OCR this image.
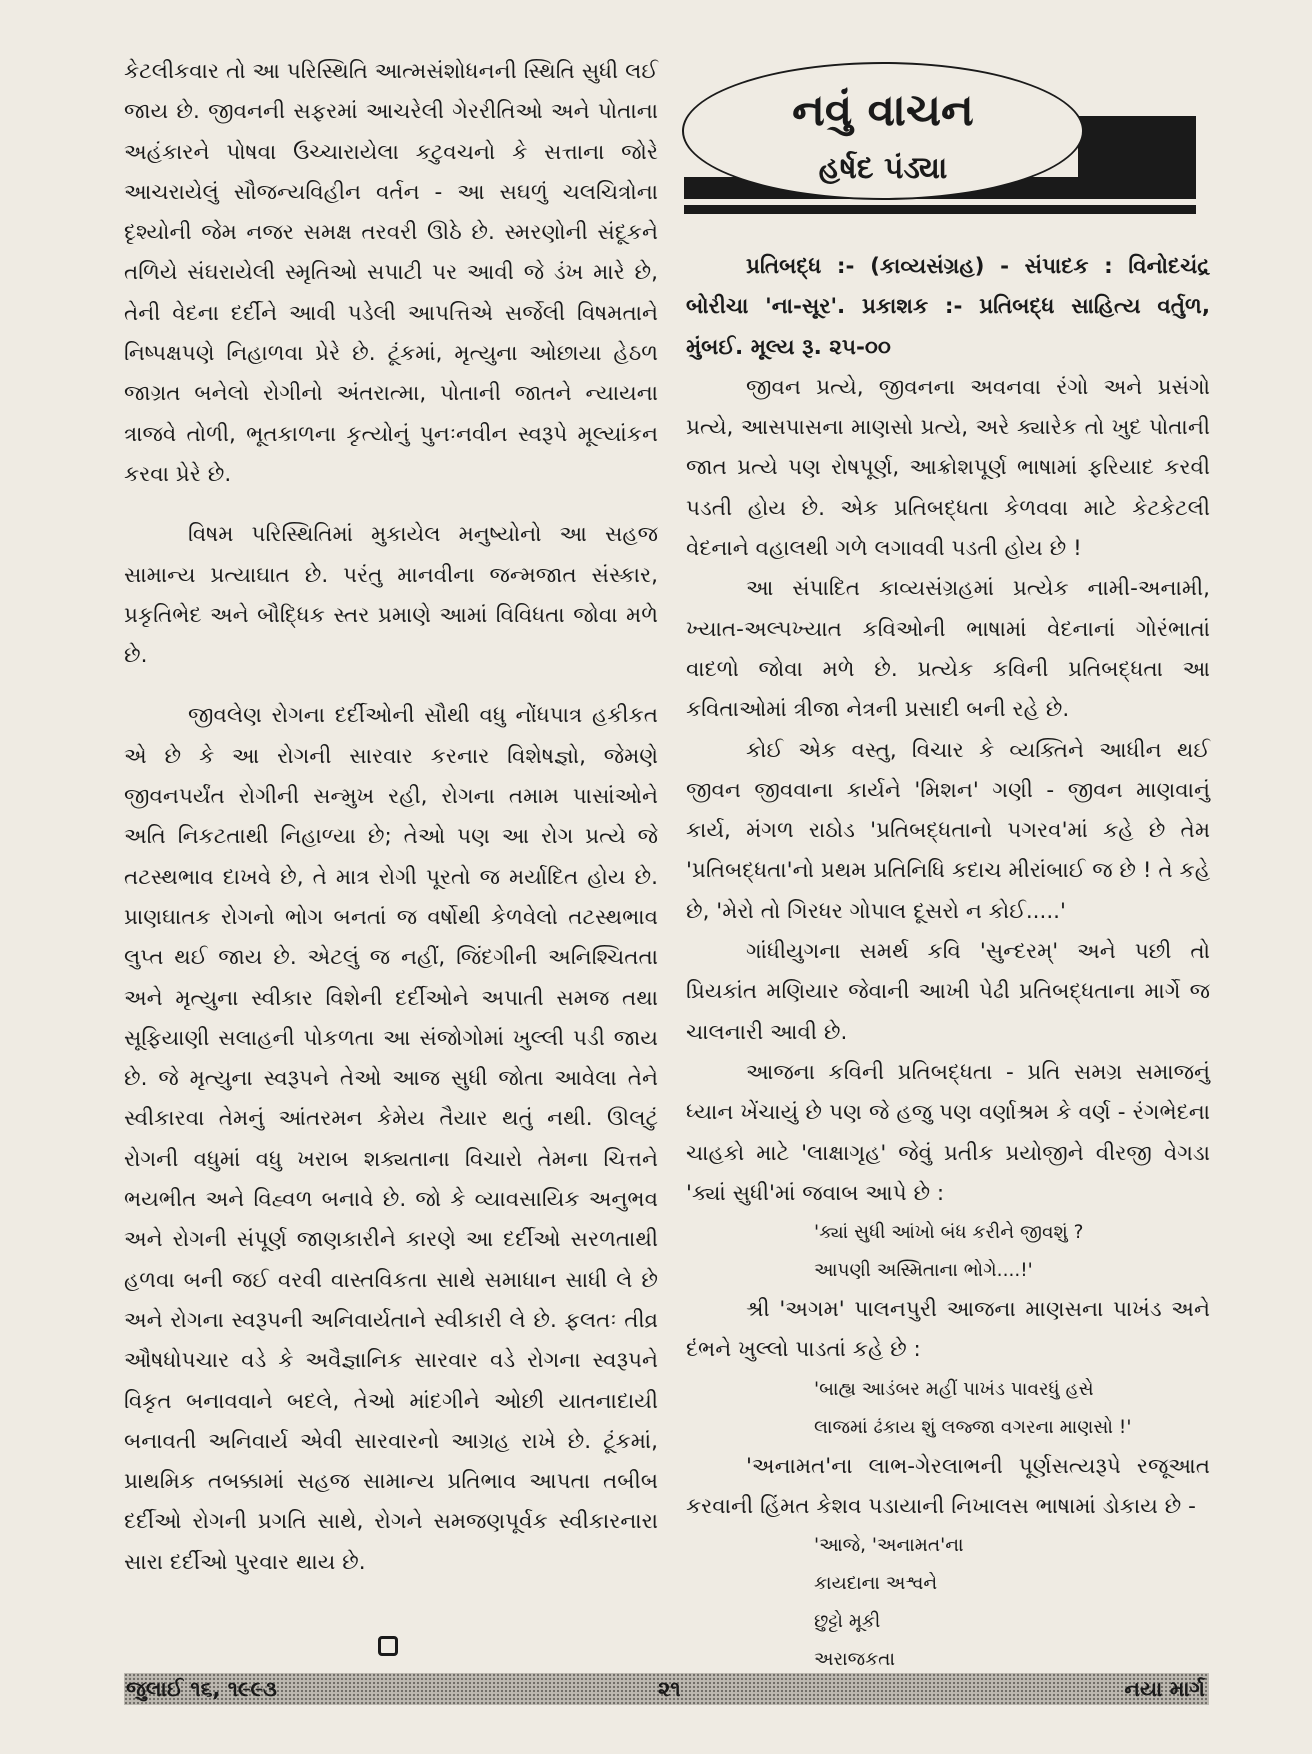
કેટલીકવાર તો આ પરિસ્થિતિ આત્મસંશોધનની સ્થિતિ સુધી લઈ જાય છે. જીવનની સફરમાં આચરેલી ગેરરીતિઓ અને પોતાના અહંકારને પોષવા ઉચ્ચારાયેલા કટુવચનો કે સત્તાના જોરે આચરાયેલું સૌજન્યવિહીન વર્તન - આ સઘળું ચલચિત્રોના દૃશ્યોની જેમ નજર સમક્ષ તરવરી ઊઠે છે. સ્મરણોની સંદૂકને તળિયે સંઘરાયેલી સ્મૃતિઓ સપાટી પર આવી જે ડંખ મારે છે, તેની વેદના દર્દીને આવી પડેલી આપત્તિએ સર્જેલી વિષમતાને નિષ્પક્ષપણે નિહાળવા પ્રેરે છે. ટૂંકમાં, મૃત્યુના ઓછાયા હેઠળ જાગ્રત બનેલો રોગીનો અંતરાત્મા, પોતાની જાતને ન્યાયના ત્રાજવે તોળી, ભૂતકાળના કૃત્યોનું પુનઃનવીન સ્વરૂપે મૂલ્યાંકન કરવા પ્રેરે છે.

વિષમ પરિસ્થિતિમાં મુકાયેલ મનુષ્યોનો આ સહજ સામાન્ય પ્રત્યાઘાત છે. પરંતુ માનવીના જન્મજાત સંસ્કાર, પ્રકૃતિભેદ અને બૌદ્ધિક સ્તર પ્રમાણે આમાં વિવિધતા જોવા મળે છે.

જીવલેણ રોગના દર્દીઓની સૌથી વધુ નોંધપાત્ર હકીકત એ છે કે આ રોગની સારવાર કરનાર વિશેષજ્ઞો, જેમણે જીવનપર્યંત રોગીની સન્મુખ રહી, રોગના તમામ પાસાંઓને અતિ નિકટતાથી નિહાળ્યા છે; તેઓ પણ આ રોગ પ્રત્યે જે તટસ્થભાવ દાખવે છે, તે માત્ર રોગી પૂરતો જ મર્યાદિત હોય છે. પ્રાણઘાતક રોગનો ભોગ બનતાં જ વર્ષોથી કેળવેલો તટસ્થભાવ લુપ્ત થઈ જાય છે. એટલું જ નહીં, જિંદગીની અનિશ્ચિતતા અને મૃત્યુના સ્વીકાર વિશેની દર્દીઓને અપાતી સમજ તથા સૂફિયાણી સલાહની પોકળતા આ સંજોગોમાં ખુલ્લી પડી જાય છે. જે મૃત્યુના સ્વરૂપને તેઓ આજ સુધી જોતા આવેલા તેને સ્વીકારવા તેમનું આંતરમન કેમેય તૈયાર થતું નથી. ઊલટું રોગની વધુમાં વધુ ખરાબ શક્યતાના વિચારો તેમના ચિત્તને ભયભીત અને વિહ્વળ બનાવે છે. જો કે વ્યાવસાયિક અનુભવ અને રોગની સંપૂર્ણ જાણકારીને કારણે આ દર્દીઓ સરળતાથી હળવા બની જઈ વરવી વાસ્તવિકતા સાથે સમાધાન સાધી લે છે અને રોગના સ્વરૂપની અનિવાર્યતાને સ્વીકારી લે છે. ફલતઃ તીવ્ર ઔષધોપચાર વડે કે અવૈજ્ઞાનિક સારવાર વડે રોગના સ્વરૂપને વિકૃત બનાવવાને બદલે, તેઓ માંદગીને ઓછી યાતનાદાયી બનાવતી અનિવાર્ય એવી સારવારનો આગ્રહ રાખે છે. ટૂંકમાં, પ્રાથમિક તબક્કામાં સહજ સામાન્ય પ્રતિભાવ આપતા તબીબ દર્દીઓ રોગની પ્રગતિ સાથે, રોગને સમજણપૂર્વક સ્વીકારનારા સારા દર્દીઓ પુરવાર થાય છે.

નવું વાચન
હર્ષદ પંડ્યા

પ્રતિબદ્ધ :- (કાવ્યસંગ્રહ) - સંપાદક : વિનોદચંદ્ર બોરીચા 'ના-સૂર'. પ્રકાશક :- પ્રતિબદ્ધ સાહિત્ય વર્તુળ, મુંબઈ. મૂલ્ય રૂ. ૨૫-૦૦

જીવન પ્રત્યે, જીવનના અવનવા રંગો અને પ્રસંગો પ્રત્યે, આસપાસના માણસો પ્રત્યે, અરે ક્યારેક તો ખુદ પોતાની જાત પ્રત્યે પણ રોષપૂર્ણ, આક્રોશપૂર્ણ ભાષામાં ફરિયાદ કરવી પડતી હોય છે. એક પ્રતિબદ્ધતા કેળવવા માટે કેટકેટલી વેદનાને વહાલથી ગળે લગાવવી પડતી હોય છે !

આ સંપાદિત કાવ્યસંગ્રહમાં પ્રત્યેક નામી-અનામી, ખ્યાત-અલ્પખ્યાત કવિઓની ભાષામાં વેદનાનાં ગોરંભાતાં વાદળો જોવા મળે છે. પ્રત્યેક કવિની પ્રતિબદ્ધતા આ કવિતાઓમાં ત્રીજા નેત્રની પ્રસાદી બની રહે છે.

કોઈ એક વસ્તુ, વિચાર કે વ્યક્તિને આધીન થઈ જીવન જીવવાના કાર્યને 'મિશન' ગણી - જીવન માણવાનું કાર્ય, મંગળ રાઠોડ 'પ્રતિબદ્ધતાનો પગરવ'માં કહે છે તેમ 'પ્રતિબદ્ધતા'નો પ્રથમ પ્રતિનિધિ કદાચ મીરાંબાઈ જ છે ! તે કહે છે, 'મેરો તો ગિરધર ગોપાલ દૂસરો ન કોઈ.....'

ગાંધીયુગના સમર્થ કવિ 'સુન્દરમ્' અને પછી તો પ્રિયકાંત મણિયાર જેવાની આખી પેઢી પ્રતિબદ્ધતાના માર્ગે જ ચાલનારી આવી છે.

આજના કવિની પ્રતિબદ્ધતા - પ્રતિ સમગ્ર સમાજનું ધ્યાન ખેંચાયું છે પણ જે હજુ પણ વર્ણાશ્રમ કે વર્ણ - રંગભેદના ચાહકો માટે 'લાક્ષાગૃહ' જેવું પ્રતીક પ્રયોજીને વીરજી વેગડા 'ક્યાં સુધી'માં જવાબ આપે છે :

'ક્યાં સુધી આંખો બંધ કરીને જીવશું ?

આપણી અસ્મિતાના ભોગે....!'

શ્રી 'અગમ' પાલનપુરી આજના માણસના પાખંડ અને દંભને ખુલ્લો પાડતાં કહે છે :

'બાહ્ય આડંબર મહીં પાખંડ પાવરધું હસે

લાજમાં ઢંકાય શું લજ્જા વગરના માણસો !'

'અનામત'ના લાભ-ગેરલાભની પૂર્ણસત્યરૂપે રજૂઆત કરવાની હિંમત કેશવ પડાયાની નિખાલસ ભાષામાં ડોકાય છે -

'આજે, 'અનામત'ના

કાયદાના અશ્વને

છુટ્ટો મૂકી

અરાજકતા

જુલાઈ ૧૬, ૧૯૯૩	૨૧	નયા માર્ગ
